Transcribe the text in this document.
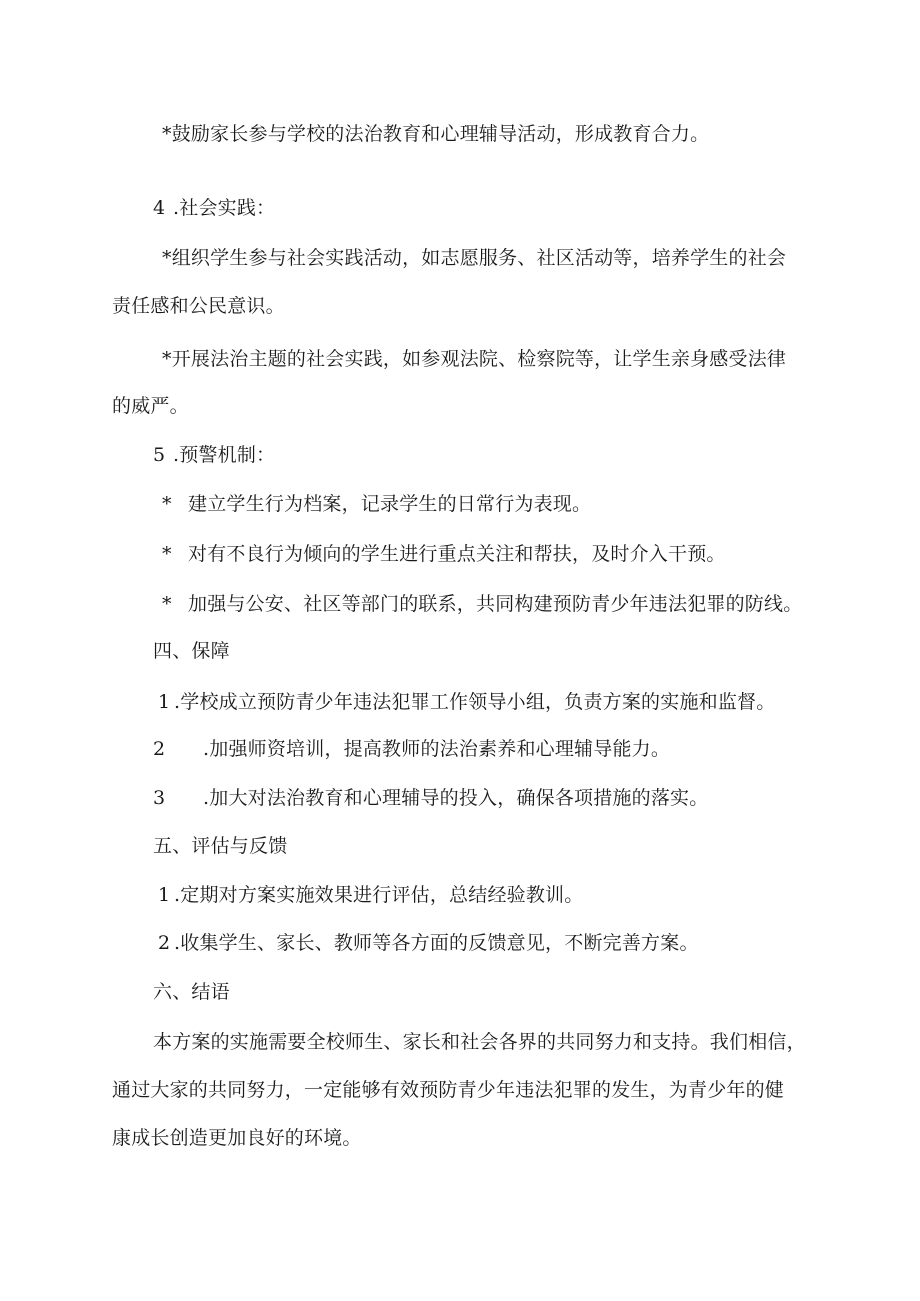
*鼓励家长参与学校的法治教育和心理辅导活动，形成教育合力。
4 .社会实践：
*组织学生参与社会实践活动，如志愿服务、社区活动等，培养学生的社会
责任感和公民意识。
*开展法治主题的社会实践，如参观法院、检察院等，让学生亲身感受法律
的威严。
5 .预警机制：
* 建立学生行为档案，记录学生的日常行为表现。
* 对有不良行为倾向的学生进行重点关注和帮扶，及时介入干预。
* 加强与公安、社区等部门的联系，共同构建预防青少年违法犯罪的防线。
四、保障
1 .学校成立预防青少年违法犯罪工作领导小组，负责方案的实施和监督。
2 .加强师资培训，提高教师的法治素养和心理辅导能力。
3 .加大对法治教育和心理辅导的投入，确保各项措施的落实。
五、评估与反馈
1 .定期对方案实施效果进行评估，总结经验教训。
2 .收集学生、家长、教师等各方面的反馈意见，不断完善方案。
六、结语
本方案的实施需要全校师生、家长和社会各界的共同努力和支持。我们相信，
通过大家的共同努力，一定能够有效预防青少年违法犯罪的发生，为青少年的健
康成长创造更加良好的环境。
